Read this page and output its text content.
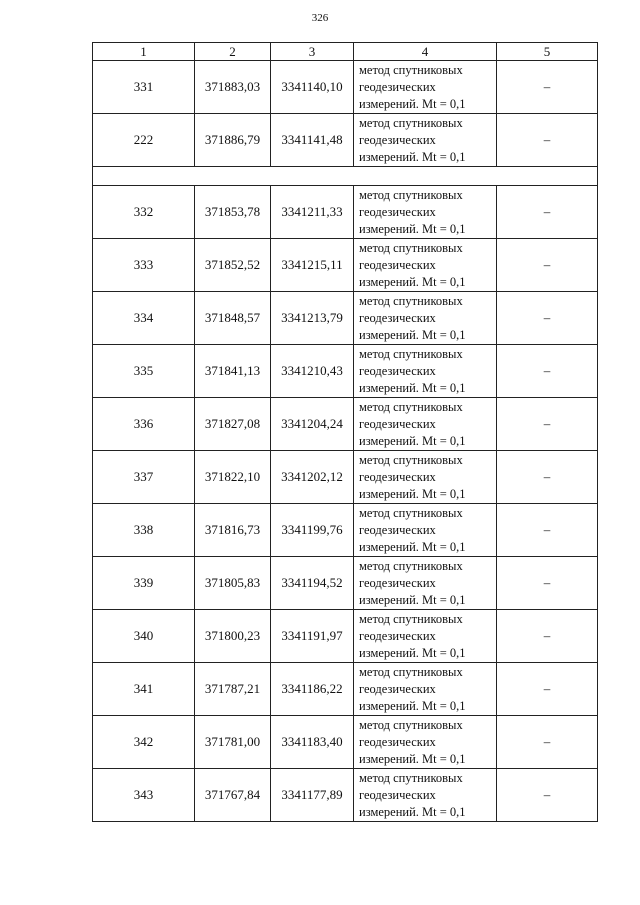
326
1	2	3	4	5
331	371883,03	3341140,10	метод спутниковых
геодезических
измерений. Mt = 0,1	–
222	371886,79	3341141,48	метод спутниковых
геодезических
измерений. Mt = 0,1	–

332	371853,78	3341211,33	метод спутниковых
геодезических
измерений. Mt = 0,1	–
333	371852,52	3341215,11	метод спутниковых
геодезических
измерений. Mt = 0,1	–
334	371848,57	3341213,79	метод спутниковых
геодезических
измерений. Mt = 0,1	–
335	371841,13	3341210,43	метод спутниковых
геодезических
измерений. Mt = 0,1	–
336	371827,08	3341204,24	метод спутниковых
геодезических
измерений. Mt = 0,1	–
337	371822,10	3341202,12	метод спутниковых
геодезических
измерений. Mt = 0,1	–
338	371816,73	3341199,76	метод спутниковых
геодезических
измерений. Mt = 0,1	–
339	371805,83	3341194,52	метод спутниковых
геодезических
измерений. Mt = 0,1	–
340	371800,23	3341191,97	метод спутниковых
геодезических
измерений. Mt = 0,1	–
341	371787,21	3341186,22	метод спутниковых
геодезических
измерений. Mt = 0,1	–
342	371781,00	3341183,40	метод спутниковых
геодезических
измерений. Mt = 0,1	–
343	371767,84	3341177,89	метод спутниковых
геодезических
измерений. Mt = 0,1	–
